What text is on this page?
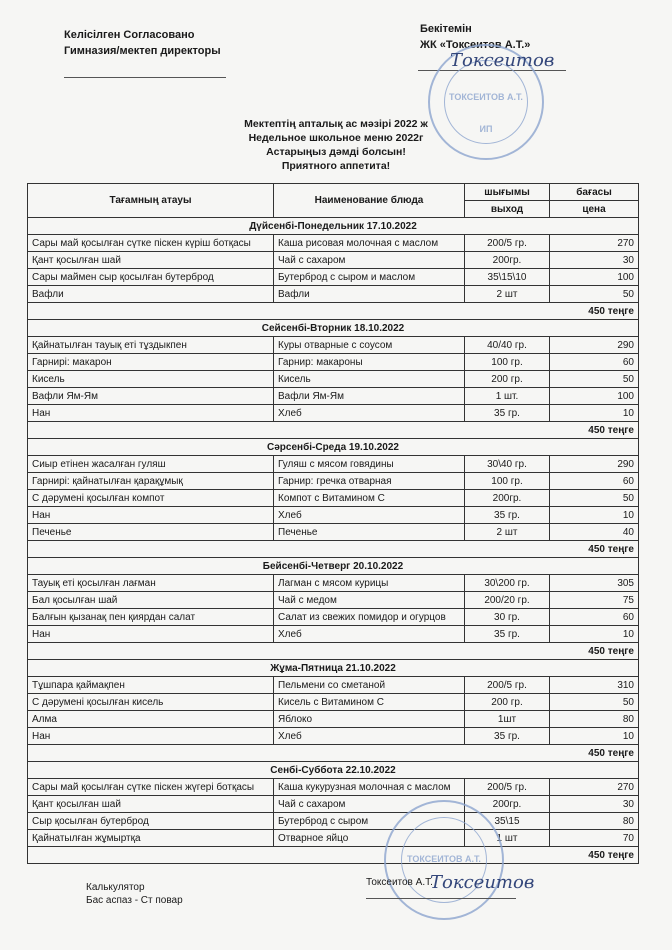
Келісілген Согласовано
Гимназия/мектеп директоры
Бекітемін
ЖК «Токсеитов А.Т.»
ТОКСЕИТОВ А.Т.
ИП
Токсеитов
Мектептің апталық ас мәзірі 2022 ж
Недельное школьное меню 2022г
Астарыңыз дәмді болсын!
Приятного аппетита!
Тағамның атауы	Наименование блюда	шығымы	бағасы
		выход	цена
Дүйсенбі-Понедельник 17.10.2022			
Сары май қосылған сүтке піскен күріш ботқасы	Каша рисовая молочная с маслом	200/5 гр.	270
Қант қосылған шай	Чай с сахаром	200гр.	30
Сары маймен сыр қосылған бутерброд	Бутерброд с сыром и маслом	35\15\10	100
Вафли	Вафли	2 шт	50
450 теңге			
Сейсенбі-Вторник 18.10.2022			
Қайнатылған тауық еті тұздыкпен	Куры отварные с соусом	40/40 гр.	290
Гарнирі: макарон	Гарнир: макароны	100 гр.	60
Кисель	Кисель	200 гр.	50
Вафли Ям-Ям	Вафли Ям-Ям	1 шт.	100
Нан	Хлеб	35 гр.	10
450 теңге			
Сәрсенбі-Среда 19.10.2022			
Сиыр етінен жасалған гуляш	Гуляш с мясом говядины	30\40 гр.	290
Гарнирі: қайнатылған қарақұмық	Гарнир: гречка отварная	100 гр.	60
С дәрумені қосылған компот	Компот с Витамином С	200гр.	50
Нан	Хлеб	35 гр.	10
Печенье	Печенье	2 шт	40
450 теңге			
Бейсенбі-Четверг 20.10.2022			
Тауық еті қосылған лағман	Лагман с мясом курицы	30\200 гр.	305
Бал қосылған шай	Чай с медом	200/20 гр.	75
Балғын қызанақ пен қиярдан салат	Салат из свежих помидор и огурцов	30 гр.	60
Нан	Хлеб	35 гр.	10
450 теңге			
Жұма-Пятница 21.10.2022			
Тұшпара қаймақпен	Пельмени со сметаной	200/5 гр.	310
С дәрумені қосылған кисель	Кисель с Витамином С	200 гр.	50
Алма	Яблоко	1шт	80
Нан	Хлеб	35 гр.	10
450 теңге			
Сенбі-Суббота 22.10.2022			
Сары май қосылған сүтке піскен жүгері ботқасы	Каша кукурузная молочная с маслом	200/5 гр.	270
Қант қосылған шай	Чай с сахаром	200гр.	30
Сыр қосылған бутерброд	Бутерброд с сыром	35\15	80
Қайнатылған жұмыртқа	Отварное яйцо	1 шт	70
450 теңге			
ТОКСЕИТОВ А.Т.
Калькулятор
Бас аспаз - Ст повар
Токсеитов А.Т.
Токсеитов
